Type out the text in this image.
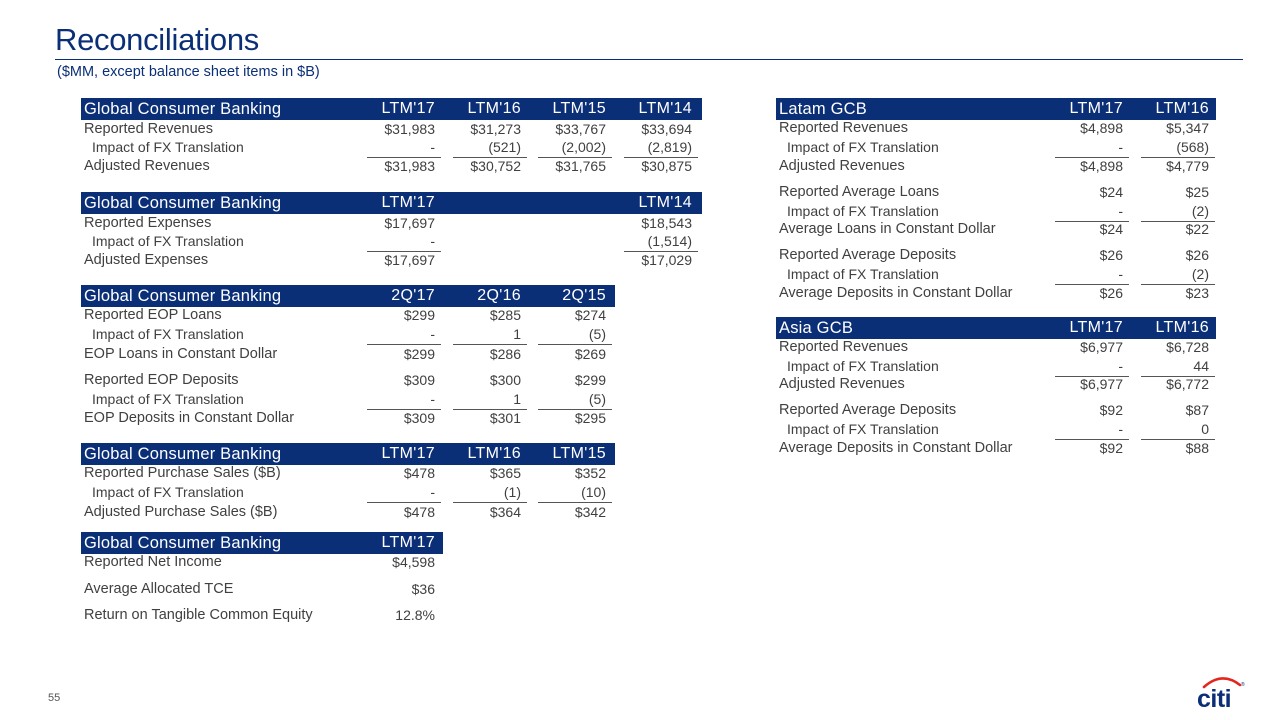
Reconciliations
($MM, except balance sheet items in $B)
Global Consumer Banking	LTM'17 LTM'16 LTM'15 LTM'14
Reported Revenues	$31,983	$31,273 $33,767	$33,694
Impact of FX Translation	-	(521)	(2,002)	(2,819)
Adjusted Revenues	$31,983	$30,752 $31,765	$30,875
Global Consumer Banking	LTM'17	LTM'14
Reported Expenses	$17,697	$18,543
Impact of FX Translation	-	(1,514)
Adjusted Expenses	$17,697	$17,029
Global Consumer Banking	2Q'17	2Q'16	2Q'15
Reported EOP Loans	$299	$285	$274
Impact of FX Translation	-	1	(5)
EOP Loans in Constant Dollar	$299	$286	$269
Reported EOP Deposits	$309	$300	$299
Impact of FX Translation	-	1	(5)
EOP Deposits in Constant Dollar	$309	$301	$295
Global Consumer Banking	LTM'17 LTM'16 LTM'15
Reported Purchase Sales ($B)	$478	$365	$352
Impact of FX Translation	-	(1)	(10)
Adjusted Purchase Sales ($B)	$478	$364	$342
Global Consumer Banking	LTM'17
Reported Net Income	$4,598
Average Allocated TCE	$36
Return on Tangible Common Equity	12.8%
Latam GCB	LTM'17 LTM'16
Reported Revenues	$4,898	$5,347
Impact of FX Translation	-	(568)
Adjusted Revenues	$4,898	$4,779
Reported Average Loans	$24	$25
Impact of FX Translation	-	(2)
Average Loans in Constant Dollar	$24	$22
Reported Average Deposits	$26	$26
Impact of FX Translation	-	(2)
Average Deposits in Constant Dollar	$26	$23
Asia GCB	LTM'17 LTM'16
Reported Revenues	$6,977	$6,728
Impact of FX Translation	-	44
Adjusted Revenues	$6,977	$6,772
Reported Average Deposits	$92	$87
Impact of FX Translation	-	0
Average Deposits in Constant Dollar	$92	$88
55	citi ®
